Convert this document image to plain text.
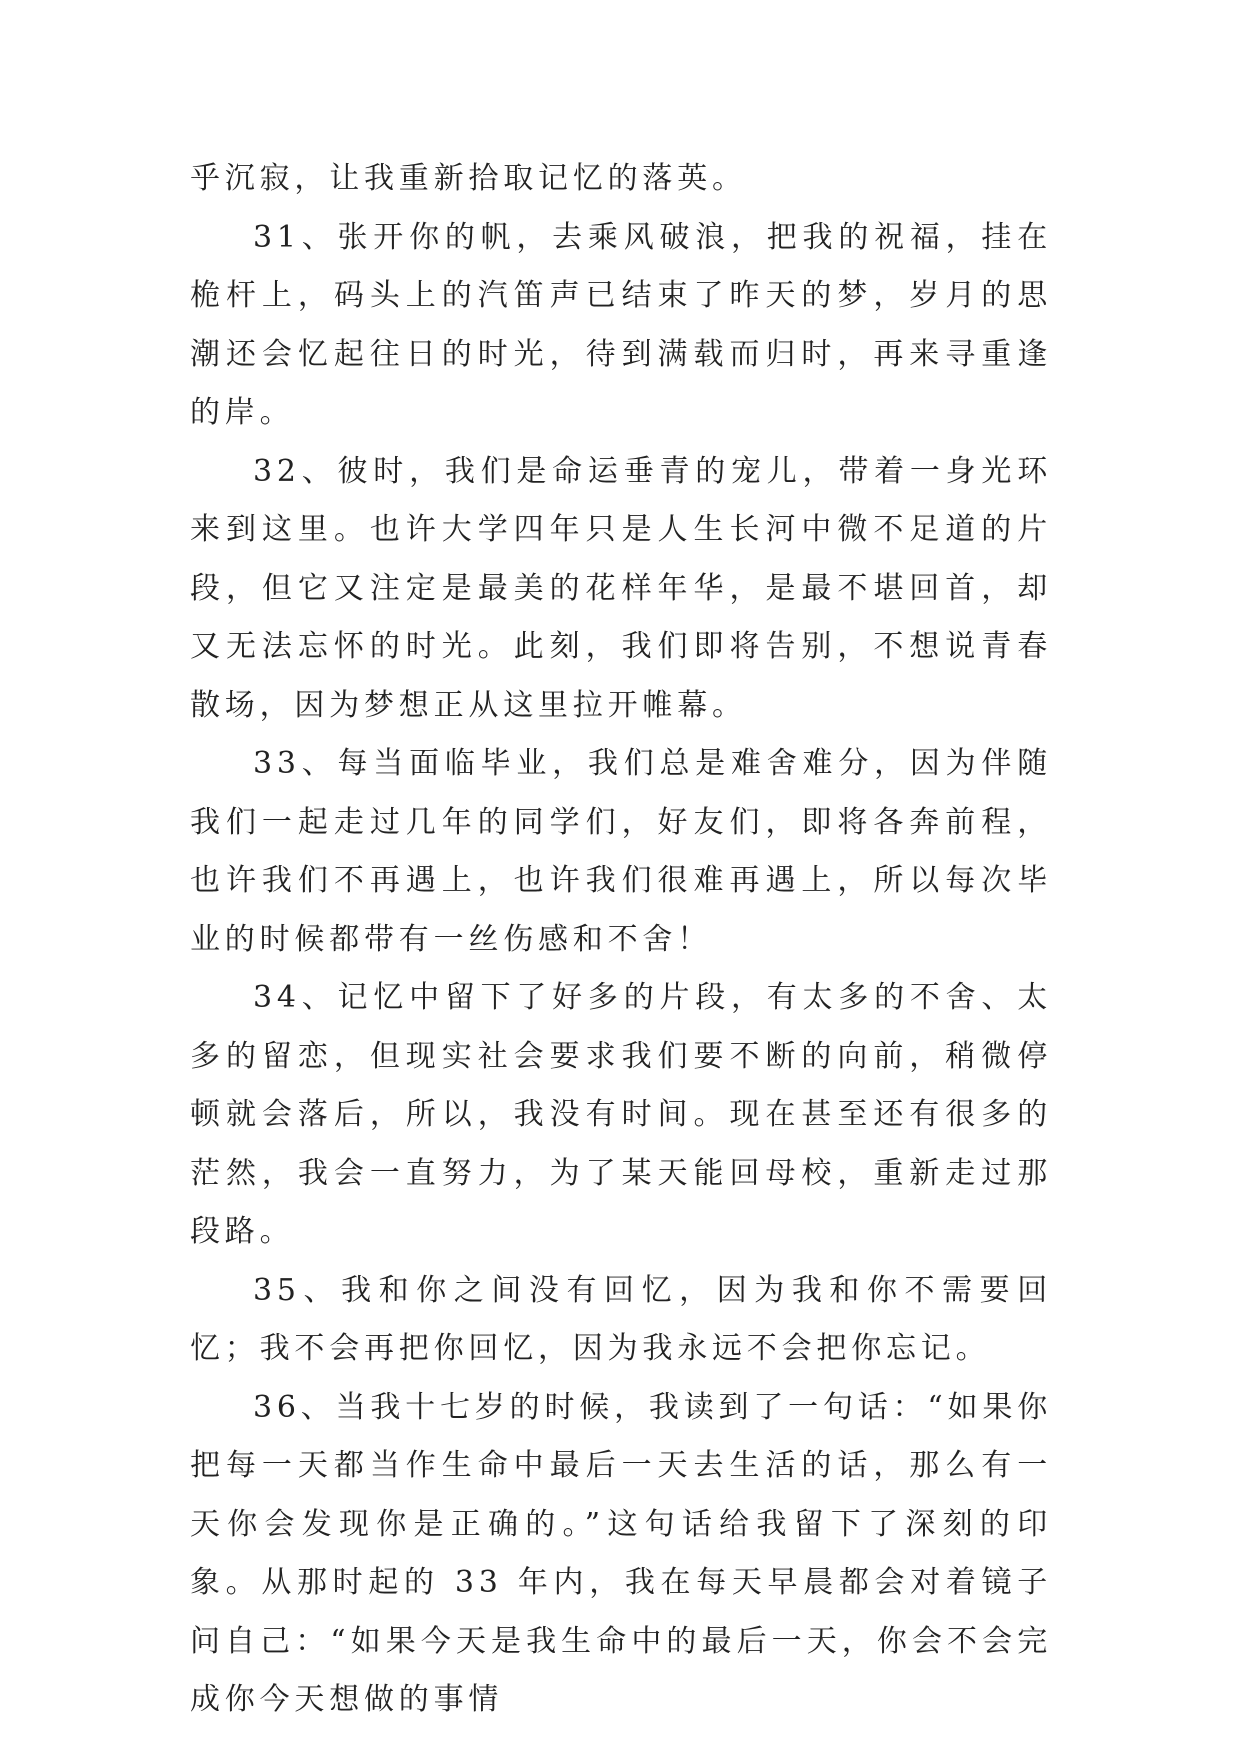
乎沉寂，让我重新拾取记忆的落英。

31、张开你的帆，去乘风破浪，把我的祝福，挂在桅杆上，码头上的汽笛声已结束了昨天的梦，岁月的思潮还会忆起往日的时光，待到满载而归时，再来寻重逢的岸。

32、彼时，我们是命运垂青的宠儿，带着一身光环来到这里。也许大学四年只是人生长河中微不足道的片段，但它又注定是最美的花样年华，是最不堪回首，却又无法忘怀的时光。此刻，我们即将告别，不想说青春散场，因为梦想正从这里拉开帷幕。

33、每当面临毕业，我们总是难舍难分，因为伴随我们一起走过几年的同学们，好友们，即将各奔前程，也许我们不再遇上，也许我们很难再遇上，所以每次毕业的时候都带有一丝伤感和不舍！

34、记忆中留下了好多的片段，有太多的不舍、太多的留恋，但现实社会要求我们要不断的向前，稍微停顿就会落后，所以，我没有时间。现在甚至还有很多的茫然，我会一直努力，为了某天能回母校，重新走过那段路。

35、我和你之间没有回忆，因为我和你不需要回忆；我不会再把你回忆，因为我永远不会把你忘记。

36、当我十七岁的时候，我读到了一句话：“如果你把每一天都当作生命中最后一天去生活的话，那么有一天你会发现你是正确的。”这句话给我留下了深刻的印象。从那时起的 33 年内，我在每天早晨都会对着镜子问自己：“如果今天是我生命中的最后一天，你会不会完成你今天想做的事情
